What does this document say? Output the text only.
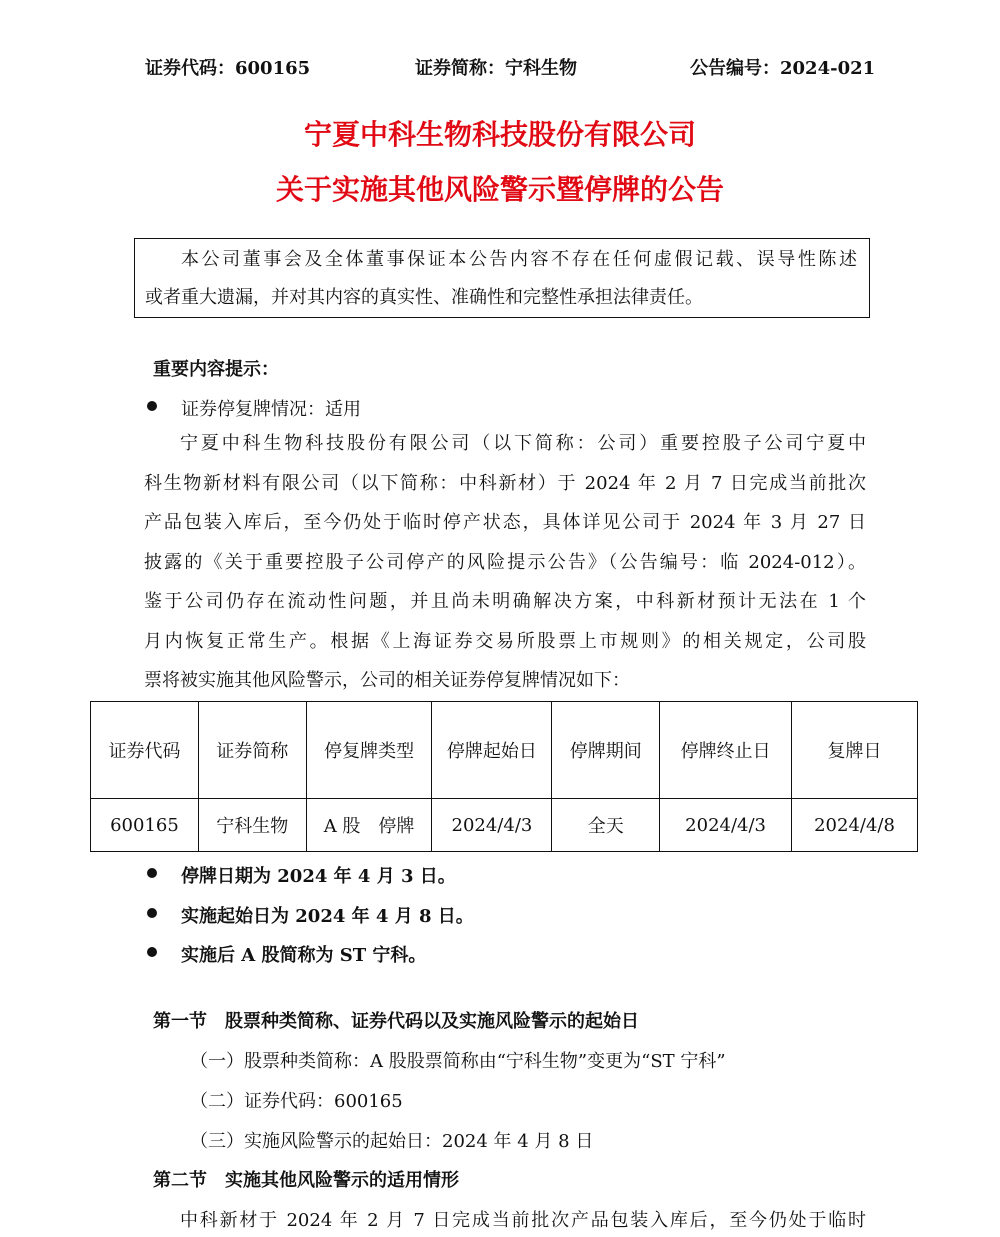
证券代码：600165	证券简称：宁科生物	公告编号：2024-021
宁夏中科生物科技股份有限公司
关于实施其他风险警示暨停牌的公告
本公司董事会及全体董事保证本公告内容不存在任何虚假记载、误导性陈述
或者重大遗漏，并对其内容的真实性、准确性和完整性承担法律责任。
重要内容提示：
证券停复牌情况：适用
宁夏中科生物科技股份有限公司（以下简称：公司）重要控股子公司宁夏中
科生物新材料有限公司（以下简称：中科新材）于 2024 年 2 月 7 日完成当前批次
产品包装入库后，至今仍处于临时停产状态，具体详见公司于 2024 年 3 月 27 日
披露的《关于重要控股子公司停产的风险提示公告》（公告编号：临 2024-012）。
鉴于公司仍存在流动性问题，并且尚未明确解决方案，中科新材预计无法在 1 个
月内恢复正常生产。根据《上海证券交易所股票上市规则》的相关规定，公司股
票将被实施其他风险警示，公司的相关证券停复牌情况如下：
证券代码	证券简称	停复牌类型	停牌起始日	停牌期间	停牌终止日	复牌日
600165	宁科生物	A 股　停牌	2024/4/3	全天	2024/4/3	2024/4/8
停牌日期为 2024 年 4 月 3 日。
实施起始日为 2024 年 4 月 8 日。
实施后 A 股简称为 ST 宁科。
第一节　股票种类简称、证券代码以及实施风险警示的起始日
（一）股票种类简称：A 股股票简称由“宁科生物”变更为“ST 宁科”
（二）证券代码：600165
（三）实施风险警示的起始日：2024 年 4 月 8 日
第二节　实施其他风险警示的适用情形
中科新材于 2024 年 2 月 7 日完成当前批次产品包装入库后，至今仍处于临时
